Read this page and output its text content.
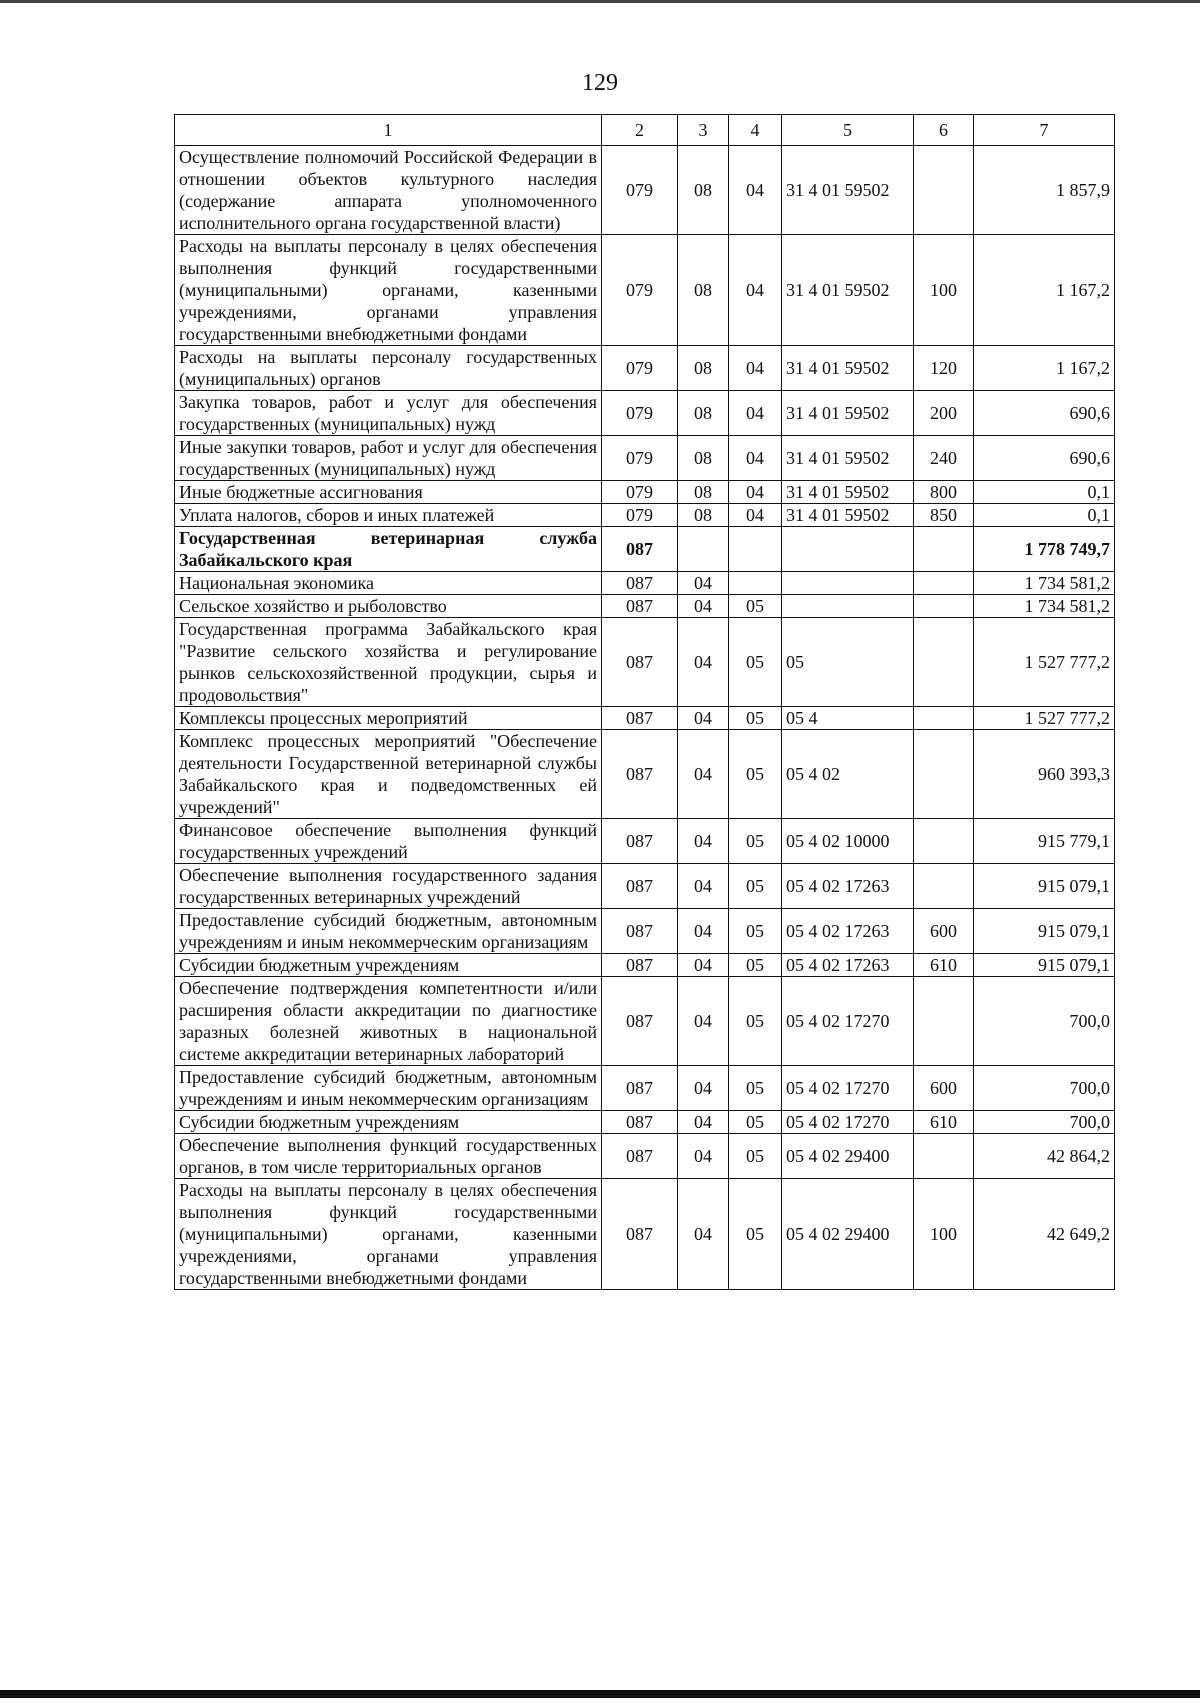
129
1	2	3	4	5	6	7
Осуществление полномочий Российской Федерации в отношении объектов культурного наследия (содержание аппарата уполномоченного исполнительного органа государственной власти)	079	08	04	31 4 01 59502		1 857,9
Расходы на выплаты персоналу в целях обеспечения выполнения функций государственными (муниципальными) органами, казенными учреждениями, органами управления государственными внебюджетными фондами	079	08	04	31 4 01 59502	100	1 167,2
Расходы на выплаты персоналу государственных (муниципальных) органов	079	08	04	31 4 01 59502	120	1 167,2
Закупка товаров, работ и услуг для обеспечения государственных (муниципальных) нужд	079	08	04	31 4 01 59502	200	690,6
Иные закупки товаров, работ и услуг для обеспечения государственных (муниципальных) нужд	079	08	04	31 4 01 59502	240	690,6
Иные бюджетные ассигнования	079	08	04	31 4 01 59502	800	0,1
Уплата налогов, сборов и иных платежей	079	08	04	31 4 01 59502	850	0,1
Государственная ветеринарная служба Забайкальского края	087					1 778 749,7
Национальная экономика	087	04				1 734 581,2
Сельское хозяйство и рыболовство	087	04	05			1 734 581,2
Государственная программа Забайкальского края "Развитие сельского хозяйства и регулирование рынков сельскохозяйственной продукции, сырья и продовольствия"	087	04	05	05		1 527 777,2
Комплексы процессных мероприятий	087	04	05	05 4		1 527 777,2
Комплекс процессных мероприятий "Обеспечение деятельности Государственной ветеринарной службы Забайкальского края и подведомственных ей учреждений"	087	04	05	05 4 02		960 393,3
Финансовое обеспечение выполнения функций государственных учреждений	087	04	05	05 4 02 10000		915 779,1
Обеспечение выполнения государственного задания государственных ветеринарных учреждений	087	04	05	05 4 02 17263		915 079,1
Предоставление субсидий бюджетным, автономным учреждениям и иным некоммерческим организациям	087	04	05	05 4 02 17263	600	915 079,1
Субсидии бюджетным учреждениям	087	04	05	05 4 02 17263	610	915 079,1
Обеспечение подтверждения компетентности и/или расширения области аккредитации по диагностике заразных болезней животных в национальной системе аккредитации ветеринарных лабораторий	087	04	05	05 4 02 17270		700,0
Предоставление субсидий бюджетным, автономным учреждениям и иным некоммерческим организациям	087	04	05	05 4 02 17270	600	700,0
Субсидии бюджетным учреждениям	087	04	05	05 4 02 17270	610	700,0
Обеспечение выполнения функций государственных органов, в том числе территориальных органов	087	04	05	05 4 02 29400		42 864,2
Расходы на выплаты персоналу в целях обеспечения выполнения функций государственными (муниципальными) органами, казенными учреждениями, органами управления государственными внебюджетными фондами	087	04	05	05 4 02 29400	100	42 649,2
